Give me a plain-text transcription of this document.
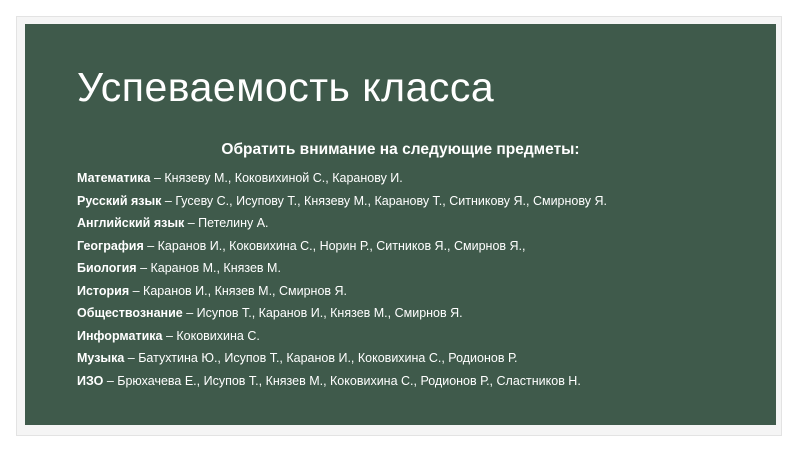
Успеваемость класса
Обратить внимание на следующие предметы:
Математика – Князеву М., Коковихиной С., Каранову И.
Русский язык – Гусеву С., Исупову Т., Князеву М., Каранову Т., Ситникову Я., Смирнову Я.
Английский язык – Петелину А.
География – Каранов И., Коковихина С., Норин Р., Ситников Я., Смирнов Я.,
Биология – Каранов М., Князев М.
История – Каранов И., Князев М., Смирнов Я.
Обществознание – Исупов Т., Каранов И., Князев М., Смирнов Я.
Информатика – Коковихина С.
Музыка – Батухтина Ю., Исупов Т., Каранов И., Коковихина С., Родионов Р.
ИЗО – Брюхачева Е., Исупов Т., Князев М., Коковихина С., Родионов Р., Сластников Н.
